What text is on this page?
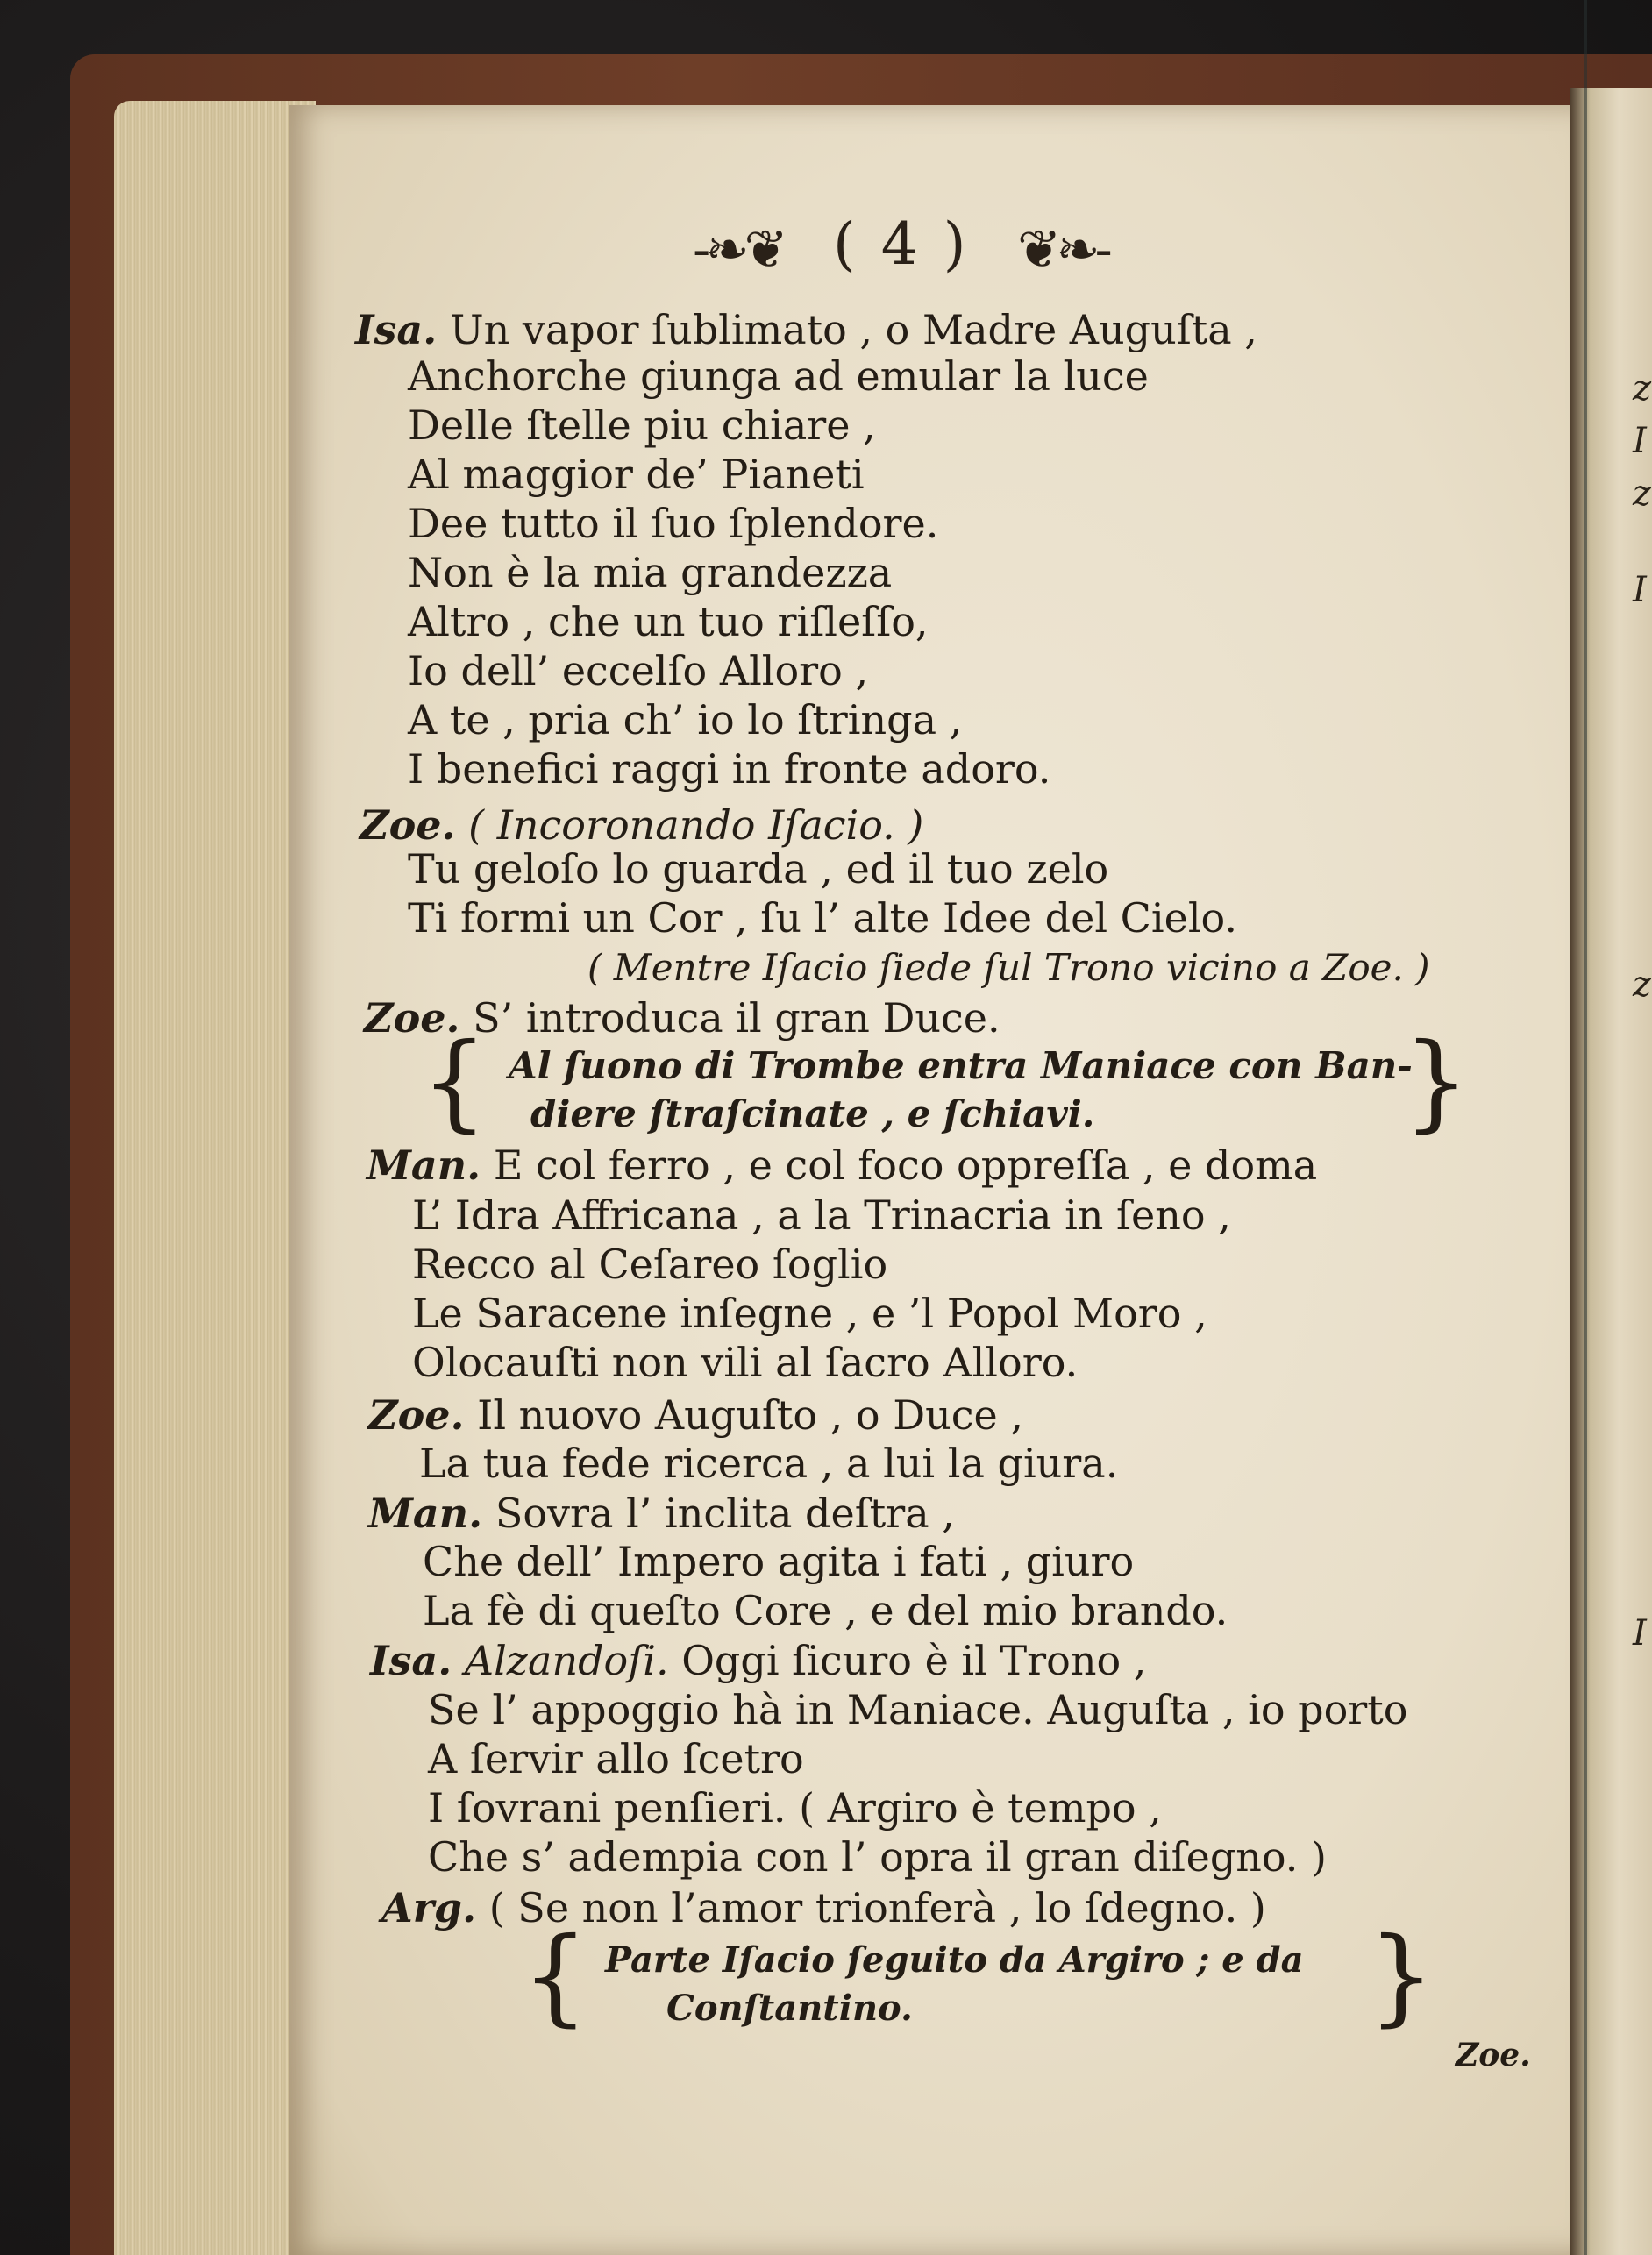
z
I
z
I
z
I
-❧❦ ( 4 ) ❦❧-
Isa. Un vapor ſublimato , o Madre Auguſta ,
Anchorche giunga ad emular la luce
Delle ſtelle piu chiare ,
Al maggior de’ Pianeti
Dee tutto il ſuo ſplendore.
Non è la mia grandezza
Altro , che un tuo riſleſſo,
Io dell’ eccelſo Alloro ,
A te , pria ch’ io lo ſtringa ,
I benefici raggi in fronte adoro.
Zoe. ( Incoronando Iſacio. )
Tu geloſo lo guarda , ed il tuo zelo
Ti formi un Cor , ſu l’ alte Idee del Cielo.
( Mentre Iſacio ſiede ſul Trono vicino a Zoe. )
Zoe. S’ introduca il gran Duce.
{ Al ſuono di Trombe entra Maniace con Ban-
diere ſtraſcinate , e ſchiavi.	}
Man. E col ferro , e col foco oppreſſa , e doma
L’ Idra Affricana , a la Trinacria in ſeno ,
Recco al Ceſareo ſoglio
Le Saracene inſegne , e ’l Popol Moro ,
Olocauſti non vili al ſacro Alloro.
Zoe. Il nuovo Auguſto , o Duce ,
La tua fede ricerca , a lui la giura.
Man. Sovra l’ inclita deſtra ,
Che dell’ Impero agita i fati , giuro
La fè di queſto Core , e del mio brando.
Isa. Alzandoſi. Oggi ſicuro è il Trono ,
Se l’ appoggio hà in Maniace. Auguſta , io porto
A ſervir allo ſcetro
I ſovrani penſieri. ( Argiro è tempo ,
Che s’ adempia con l’ opra il gran diſegno. )
Arg. ( Se non l’amor trionferà , lo ſdegno. )
{ Parte Iſacio ſeguito da Argiro ; e da
Conſtantino.	}
Zoe.
